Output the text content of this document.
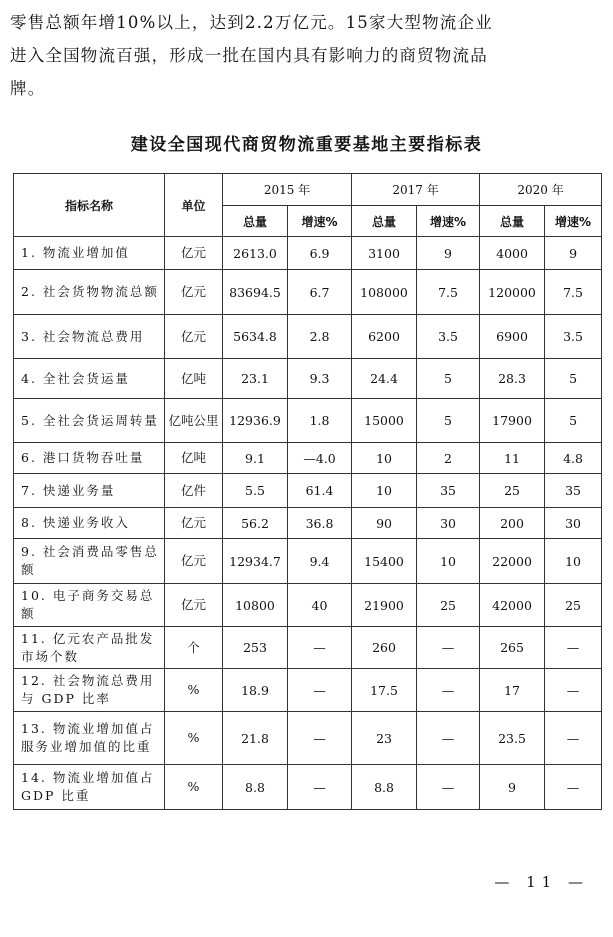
零售总额年增10%以上，达到2.2万亿元。15家大型物流企业

进入全国物流百强，形成一批在国内具有影响力的商贸物流品

牌。

建设全国现代商贸物流重要基地主要指标表
指标名称	单位	2015 年		2017 年		2020 年	
		总量	增速%	总量	增速%	总量	增速%
1. 物流业增加值	亿元	2613.0	6.9	3100	9	4000	9
2. 社会货物物流总额	亿元	83694.5	6.7	108000	7.5	120000	7.5
3. 社会物流总费用	亿元	5634.8	2.8	6200	3.5	6900	3.5
4. 全社会货运量	亿吨	23.1	9.3	24.4	5	28.3	5
5. 全社会货运周转量	亿吨公里	12936.9	1.8	15000	5	17900	5
6. 港口货物吞吐量	亿吨	9.1	—4.0	10	2	11	4.8
7. 快递业务量	亿件	5.5	61.4	10	35	25	35
8. 快递业务收入	亿元	56.2	36.8	90	30	200	30
9. 社会消费品零售总额	亿元	12934.7	9.4	15400	10	22000	10
10. 电子商务交易总额	亿元	10800	40	21900	25	42000	25
11. 亿元农产品批发市场个数	个	253	—	260	—	265	—
12. 社会物流总费用与 GDP 比率	%	18.9	—	17.5	—	17	—
13. 物流业增加值占服务业增加值的比重	%	21.8	—	23	—	23.5	—
14. 物流业增加值占 GDP 比重	%	8.8	—	8.8	—	9	—
— 11 —
